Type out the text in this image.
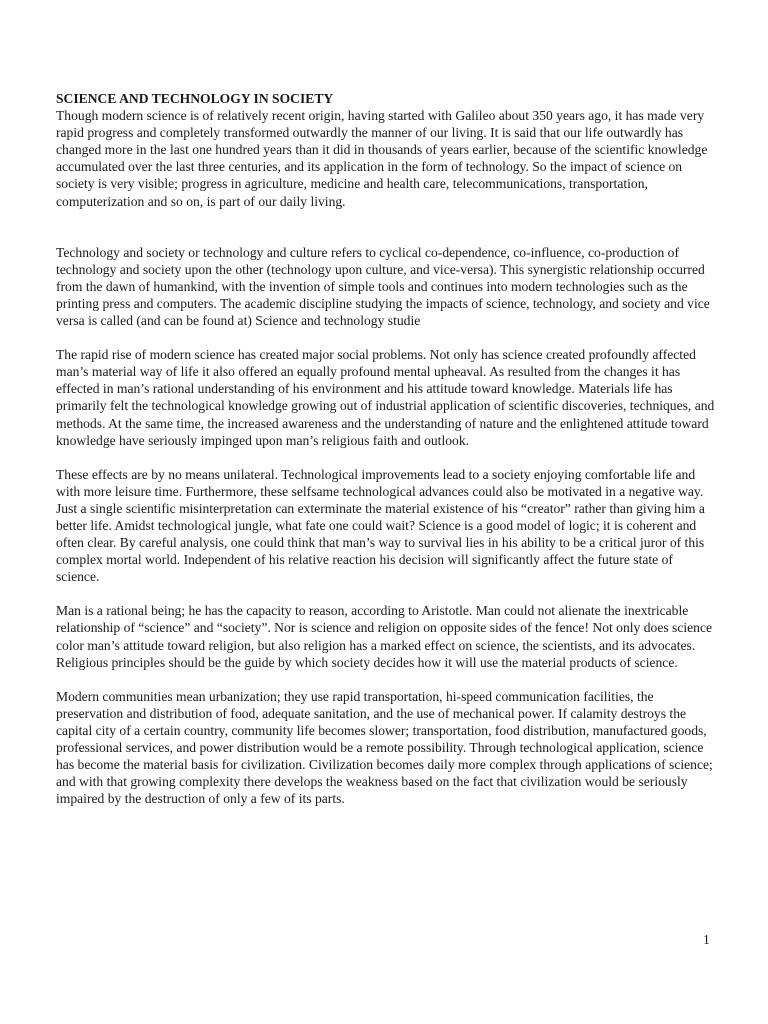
SCIENCE AND TECHNOLOGY IN SOCIETY

Though modern science is of relatively recent origin, having started with Galileo about 350 years ago, it has made very rapid progress and completely transformed outwardly the manner of our living. It is said that our life outwardly has changed more in the last one hundred years than it did in thousands of years earlier, because of the scientific knowledge accumulated over the last three centuries, and its application in the form of technology. So the impact of science on society is very visible; progress in agriculture, medicine and health care, telecommunications, transportation, computerization and so on, is part of our daily living.

Technology and society or technology and culture refers to cyclical co-dependence, co-influence, co-production of technology and society upon the other (technology upon culture, and vice-versa). This synergistic relationship occurred from the dawn of humankind, with the invention of simple tools and continues into modern technologies such as the printing press and computers. The academic discipline studying the impacts of science, technology, and society and vice versa is called (and can be found at) Science and technology studie

The rapid rise of modern science has created major social problems. Not only has science created profoundly affected man’s material way of life it also offered an equally profound mental upheaval. As resulted from the changes it has effected in man’s rational understanding of his environment and his attitude toward knowledge. Materials life has primarily felt the technological knowledge growing out of industrial application of scientific discoveries, techniques, and methods. At the same time, the increased awareness and the understanding of nature and the enlightened attitude toward knowledge have seriously impinged upon man’s religious faith and outlook.

These effects are by no means unilateral. Technological improvements lead to a society enjoying comfortable life and with more leisure time. Furthermore, these selfsame technological advances could also be motivated in a negative way. Just a single scientific misinterpretation can exterminate the material existence of his “creator” rather than giving him a better life. Amidst technological jungle, what fate one could wait? Science is a good model of logic; it is coherent and often clear. By careful analysis, one could think that man’s way to survival lies in his ability to be a critical juror of this complex mortal world. Independent of his relative reaction his decision will significantly affect the future state of science.

Man is a rational being; he has the capacity to reason, according to Aristotle. Man could not alienate the inextricable relationship of “science” and “society”. Nor is science and religion on opposite sides of the fence! Not only does science color man’s attitude toward religion, but also religion has a marked effect on science, the scientists, and its advocates. Religious principles should be the guide by which society decides how it will use the material products of science.

Modern communities mean urbanization; they use rapid transportation, hi-speed communication facilities, the preservation and distribution of food, adequate sanitation, and the use of mechanical power. If calamity destroys the capital city of a certain country, community life becomes slower; transportation, food distribution, manufactured goods, professional services, and power distribution would be a remote possibility. Through technological application, science has become the material basis for civilization. Civilization becomes daily more complex through applications of science; and with that growing complexity there develops the weakness based on the fact that civilization would be seriously impaired by the destruction of only a few of its parts.

1
